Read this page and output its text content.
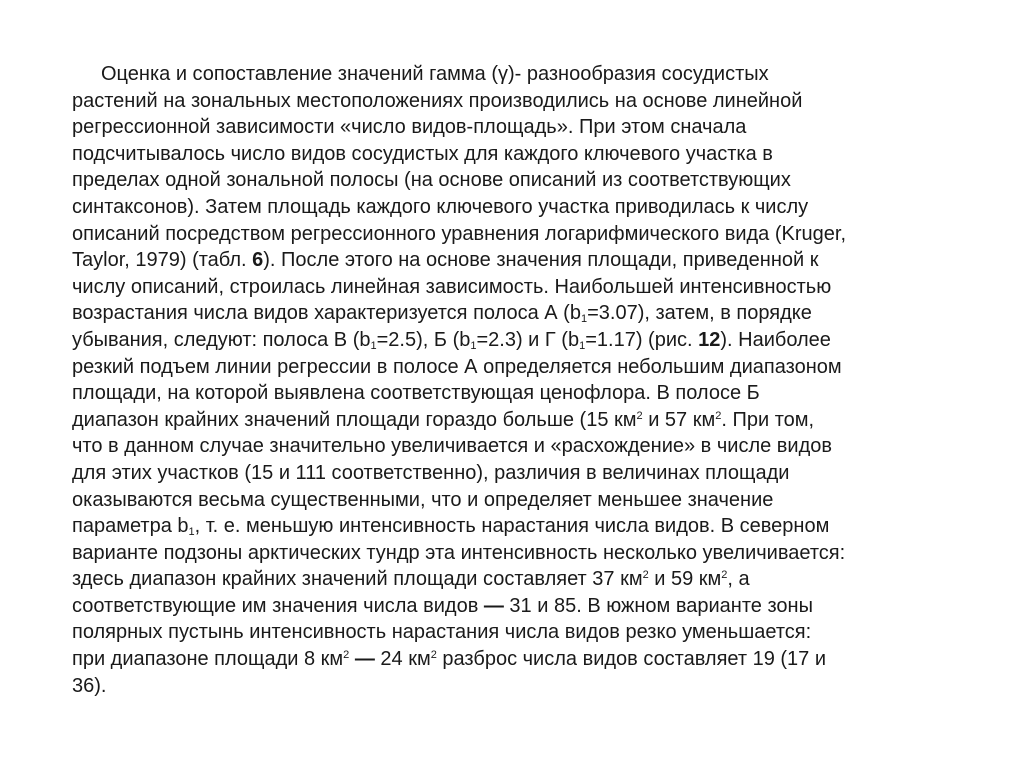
Оценка и сопоставление значений гамма (γ)- разнообразия сосудистых
растений на зональных местоположениях производились на основе линейной
регрессионной зависимости «число видов-площадь». При этом сначала
подсчитывалось число видов сосудистых для каждого ключевого участка в
пределах одной зональной полосы (на основе описаний из соответствующих
синтаксонов). Затем площадь каждого ключевого участка приводилась к числу
описаний посредством регрессионного уравнения логарифмического вида (Kruger,
Taylor, 1979) (табл. 6). После этого на основе значения площади, приведенной к
числу описаний, строилась линейная зависимость. Наибольшей интенсивностью
возрастания числа видов характеризуется полоса А $(b_1=3.07)$, затем, в порядке
убывания, следуют: полоса В $(b_1=2.5)$, Б $(b_1=2.3)$ и Г $(b_1=1.17)$ (рис. 12). Наиболее
резкий подъем линии регрессии в полосе А определяется небольшим диапазоном
площади, на которой выявлена соответствующая ценофлора. В полосе Б
диапазон крайних значений площади гораздо больше (15 $км^2$ и 57 $км^2$. При том,
что в данном случае значительно увеличивается и «расхождение» в числе видов
для этих участков (15 и 111 соответственно), различия в величинах площади
оказываются весьма существенными, что и определяет меньшее значение
параметра $b_1$, т. е. меньшую интенсивность нарастания числа видов. В северном
варианте подзоны арктических тундр эта интенсивность несколько увеличивается:
здесь диапазон крайних значений площади составляет 37 $км^2$ и 59 $км^2$, а
соответствующие им значения числа видов — 31 и 85. В южном варианте зоны
полярных пустынь интенсивность нарастания числа видов резко уменьшается:
при диапазоне площади 8 $км^2$ — 24 $км^2$ разброс числа видов составляет 19 (17 и
36).
